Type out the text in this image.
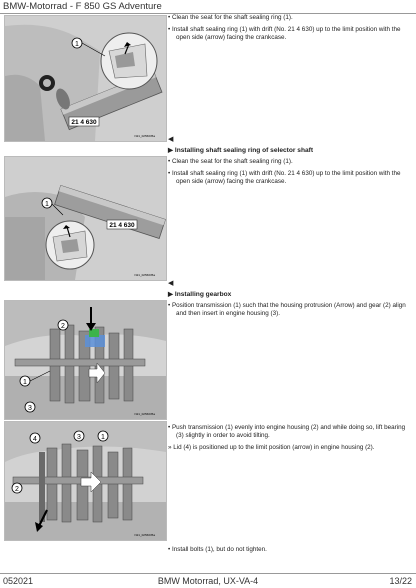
BMW-Motorrad - F 850 GS Adventure
21 4 630
1
N21_0256035a
• Clean the seat for the shaft sealing ring (1).
• Install shaft sealing ring (1) with drift (No. 21 4 630) up to the limit position with the open side (arrow) facing the crankcase.
◀
▶ Installing shaft sealing ring of selector shaft
21 4 630
1
N21_0256035a
• Clean the seat for the shaft sealing ring (1).
• Install shaft sealing ring (1) with drift (No. 21 4 630) up to the limit position with the open side (arrow) facing the crankcase.
◀
▶ Installing gearbox
2
1
3
N21_0256035a
• Position transmission (1) such that the housing protrusion (Arrow) and gear (2) align and then insert in engine housing (3).
4	3	1
2
N21_0256035a
• Push transmission (1) evenly into engine housing (2) and while doing so, lift bearing (3) slightly in order to avoid tilting.
» Lid (4) is positioned up to the limit position (arrow) in engine housing (2).
• Install bolts (1), but do not tighten.
052021	BMW Motorrad, UX-VA-4	13/22
